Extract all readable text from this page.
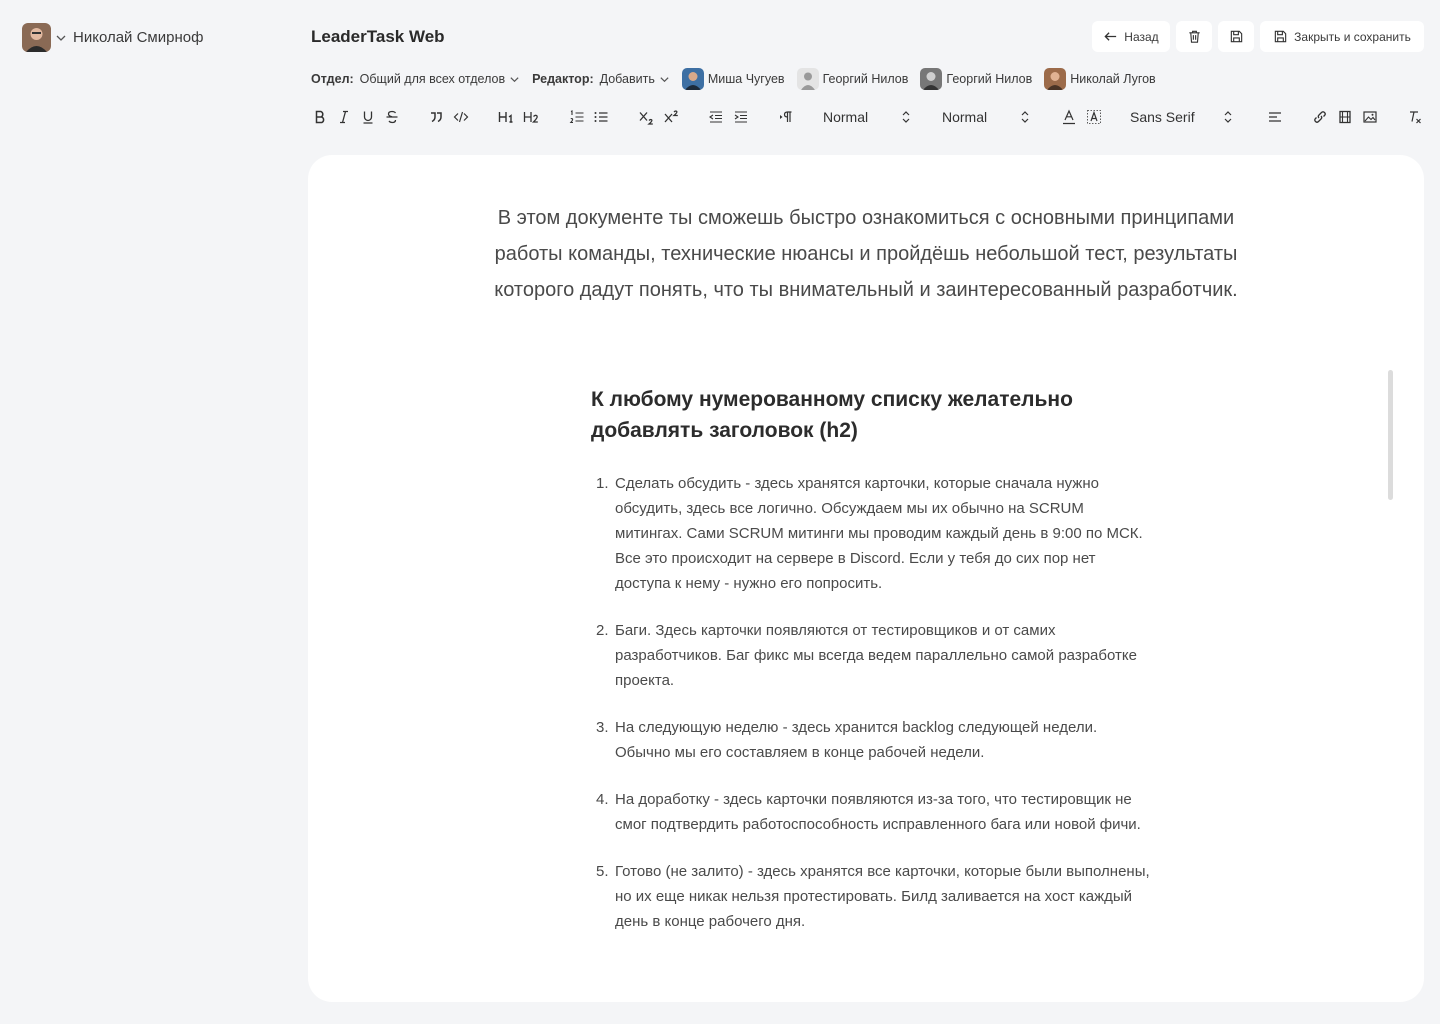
Николай Смирноф	LeaderTask Web	Назад	Закрыть и сохранить
Отдел: Общий для всех отделов Редактор: Добавить	Миша Чугуев	Георгий Нилов	Георгий Нилов	Николай Лугов
Normal	Normal	Sans Serif
В этом документе ты сможешь быстро ознакомиться с основными принципами работы команды, технические нюансы и пройдёшь небольшой тест, результаты которого дадут понять, что ты внимательный и заинтересованный разработчик.
К любому нумерованному списку желательно добавлять заголовок (h2)
1. Сделать обсудить - здесь хранятся карточки, которые сначала нужно обсудить, здесь все логично. Обсуждаем мы их обычно на SCRUM митингах. Сами SCRUM митинги мы проводим каждый день в 9:00 по МСК. Все это происходит на сервере в Discord. Если у тебя до сих пор нет доступа к нему - нужно его попросить.
2. Баги. Здесь карточки появляются от тестировщиков и от самих разработчиков. Баг фикс мы всегда ведем параллельно самой разработке проекта.
3. На следующую неделю - здесь хранится backlog следующей недели. Обычно мы его составляем в конце рабочей недели.
4. На доработку - здесь карточки появляются из-за того, что тестировщик не смог подтвердить работоспособность исправленного бага или новой фичи.
5. Готово (не залито) - здесь хранятся все карточки, которые были выполнены, но их еще никак нельзя протестировать. Билд заливается на хост каждый день в конце рабочего дня.
